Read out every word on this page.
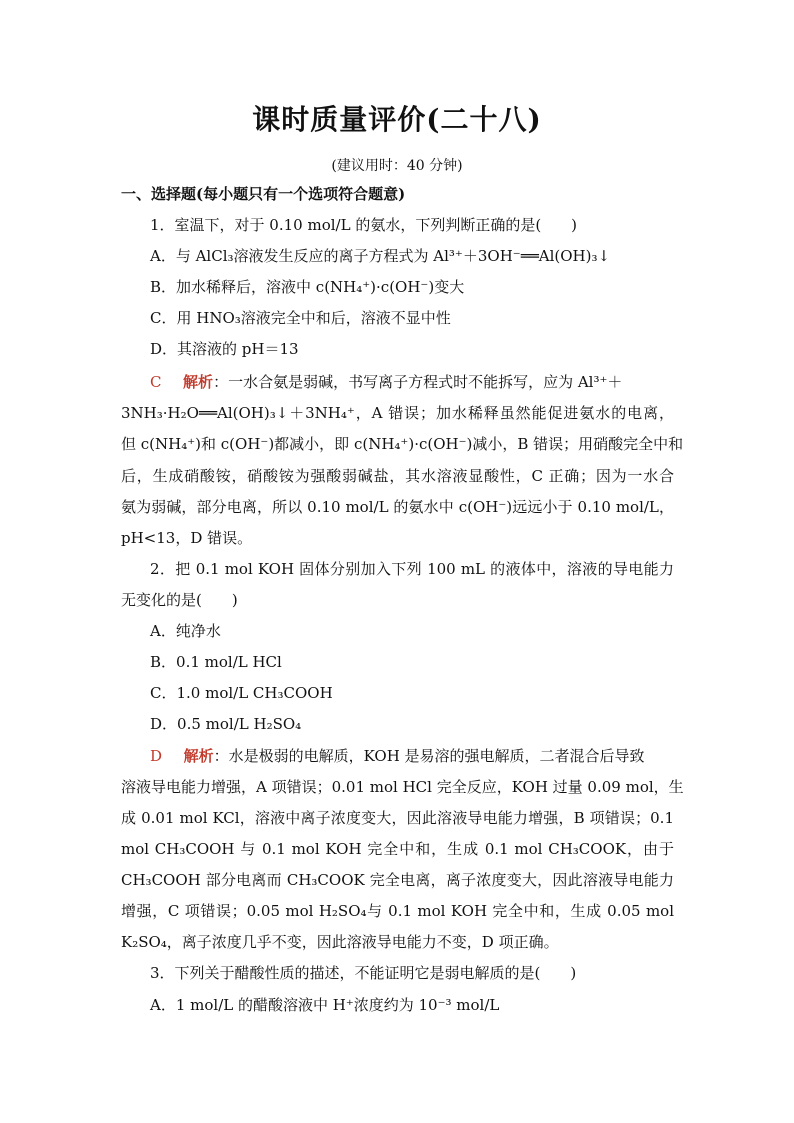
课时质量评价(二十八)
(建议用时：40 分钟)
一、选择题(每小题只有一个选项符合题意)
1．室温下，对于 0.10 mol/L 的氨水，下列判断正确的是(　　)
A．与 AlCl₃溶液发生反应的离子方程式为 Al³⁺＋3OH⁻══Al(OH)₃↓
B．加水稀释后，溶液中 c(NH₄⁺)·c(OH⁻)变大
C．用 HNO₃溶液完全中和后，溶液不显中性
D．其溶液的 pH＝13
C 解析：一水合氨是弱碱，书写离子方程式时不能拆写，应为 Al³⁺＋
3NH₃·H₂O══Al(OH)₃↓＋3NH₄⁺，A 错误；加水稀释虽然能促进氨水的电离，
但 c(NH₄⁺)和 c(OH⁻)都减小，即 c(NH₄⁺)·c(OH⁻)减小，B 错误；用硝酸完全中和
后，生成硝酸铵，硝酸铵为强酸弱碱盐，其水溶液显酸性，C 正确；因为一水合
氨为弱碱，部分电离，所以 0.10 mol/L 的氨水中 c(OH⁻)远远小于 0.10 mol/L，
pH<13，D 错误。
2．把 0.1 mol KOH 固体分别加入下列 100 mL 的液体中，溶液的导电能力
无变化的是(　　)
A．纯净水
B．0.1 mol/L HCl
C．1.0 mol/L CH₃COOH
D．0.5 mol/L H₂SO₄
D 解析：水是极弱的电解质，KOH 是易溶的强电解质，二者混合后导致
溶液导电能力增强，A 项错误；0.01 mol HCl 完全反应，KOH 过量 0.09 mol，生
成 0.01 mol KCl，溶液中离子浓度变大，因此溶液导电能力增强，B 项错误；0.1
mol CH₃COOH 与 0.1 mol KOH 完全中和，生成 0.1 mol CH₃COOK，由于
CH₃COOH 部分电离而 CH₃COOK 完全电离，离子浓度变大，因此溶液导电能力
增强，C 项错误；0.05 mol H₂SO₄与 0.1 mol KOH 完全中和，生成 0.05 mol
K₂SO₄，离子浓度几乎不变，因此溶液导电能力不变，D 项正确。
3．下列关于醋酸性质的描述，不能证明它是弱电解质的是(　　)
A．1 mol/L 的醋酸溶液中 H⁺浓度约为 10⁻³ mol/L
